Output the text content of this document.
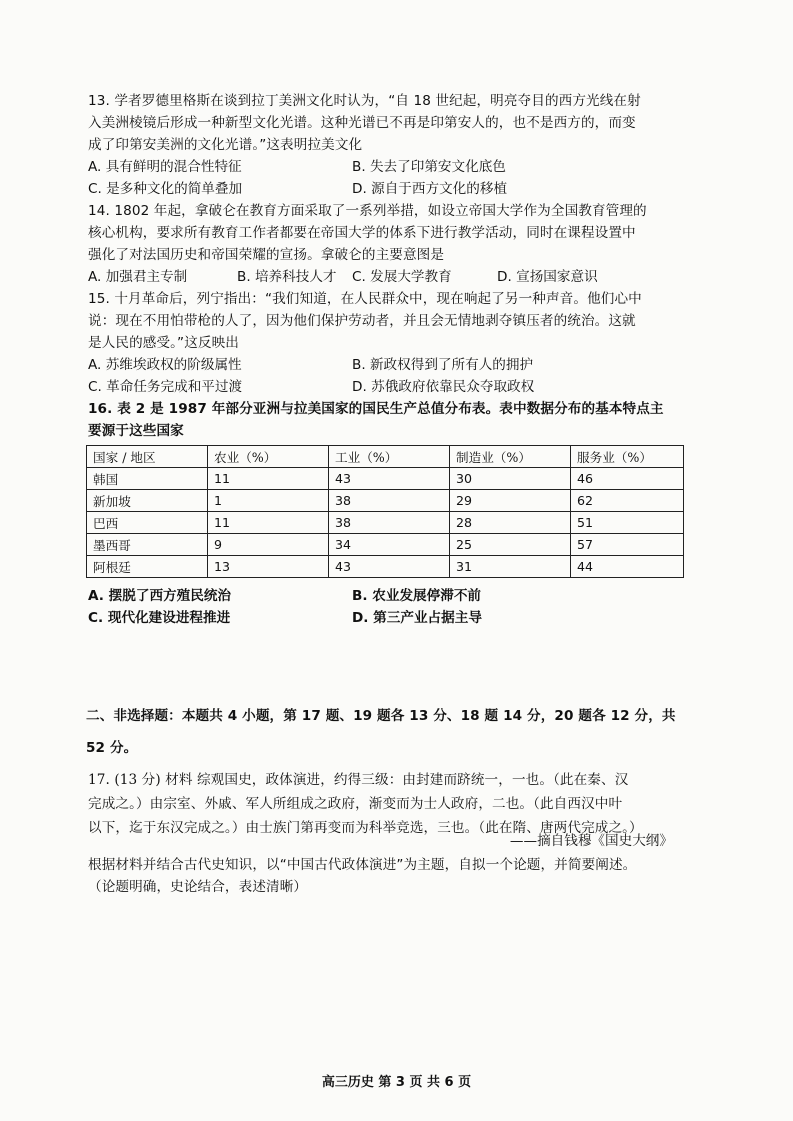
13. 学者罗德里格斯在谈到拉丁美洲文化时认为，“自 18 世纪起，明亮夺目的西方光线在射
入美洲棱镜后形成一种新型文化光谱。这种光谱已不再是印第安人的，也不是西方的，而变
成了印第安美洲的文化光谱。”这表明拉美文化
A. 具有鲜明的混合性特征	B. 失去了印第安文化底色
C. 是多种文化的简单叠加	D. 源自于西方文化的移植
14. 1802 年起，拿破仑在教育方面采取了一系列举措，如设立帝国大学作为全国教育管理的
核心机构，要求所有教育工作者都要在帝国大学的体系下进行教学活动，同时在课程设置中
强化了对法国历史和帝国荣耀的宣扬。拿破仑的主要意图是
A. 加强君主专制	B. 培养科技人才 C. 发展大学教育	D. 宣扬国家意识
15. 十月革命后，列宁指出：“我们知道，在人民群众中，现在响起了另一种声音。他们心中
说：现在不用怕带枪的人了，因为他们保护劳动者，并且会无情地剥夺镇压者的统治。这就
是人民的感受。”这反映出
A. 苏维埃政权的阶级属性	B. 新政权得到了所有人的拥护
C. 革命任务完成和平过渡	D. 苏俄政府依靠民众夺取政权
16. 表 2 是 1987 年部分亚洲与拉美国家的国民生产总值分布表。表中数据分布的基本特点主
要源于这些国家
国家 / 地区	农业（%）	工业（%）	制造业（%）	服务业（%）
韩国	11	43	30	46
新加坡	1	38	29	62
巴西	11	38	28	51
墨西哥	9	34	25	57
阿根廷	13	43	31	44
A. 摆脱了西方殖民统治	B. 农业发展停滞不前
C. 现代化建设进程推进	D. 第三产业占据主导
二、非选择题：本题共 4 小题，第 17 题、19 题各 13 分、18 题 14 分，20 题各 12 分，共
52 分。
17. (13 分) 材料 综观国史，政体演进，约得三级：由封建而跻统一，一也。（此在秦、汉
完成之。）由宗室、外戚、军人所组成之政府，渐变而为士人政府，二也。（此自西汉中叶
以下，迄于东汉完成之。）由士族门第再变而为科举竞选，三也。（此在隋、唐两代完成之。）
——摘自钱穆《国史大纲》
根据材料并结合古代史知识，以“中国古代政体演进”为主题，自拟一个论题，并简要阐述。
（论题明确，史论结合，表述清晰）
高三历史 第 3 页 共 6 页
